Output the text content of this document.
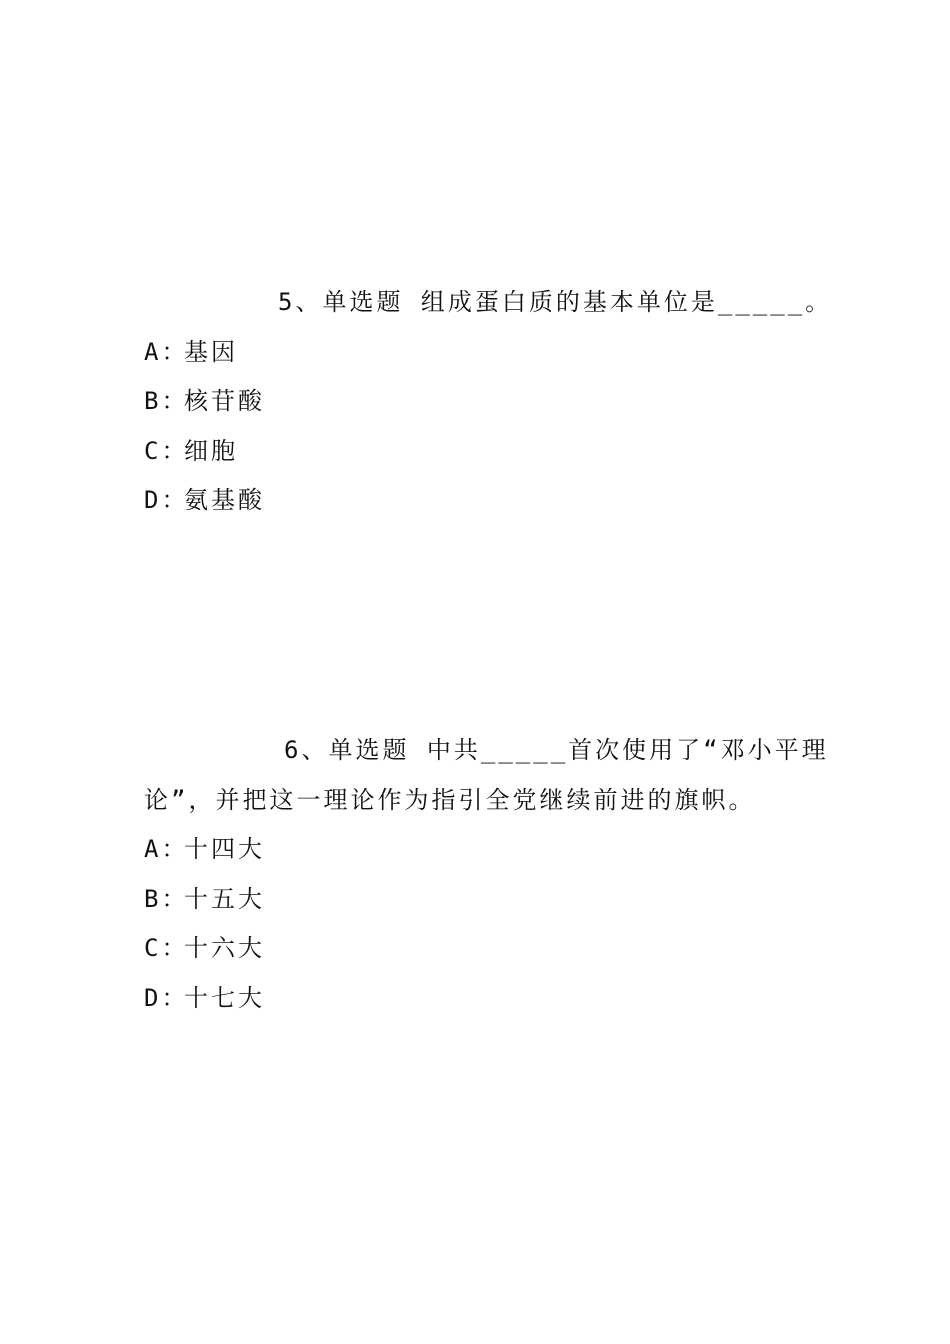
5、单选题 组成蛋白质的基本单位是_____。
A：基因
B：核苷酸
C：细胞
D：氨基酸
6、单选题 中共_____首次使用了“邓小平理
论”，并把这一理论作为指引全党继续前进的旗帜。
A：十四大
B：十五大
C：十六大
D：十七大
